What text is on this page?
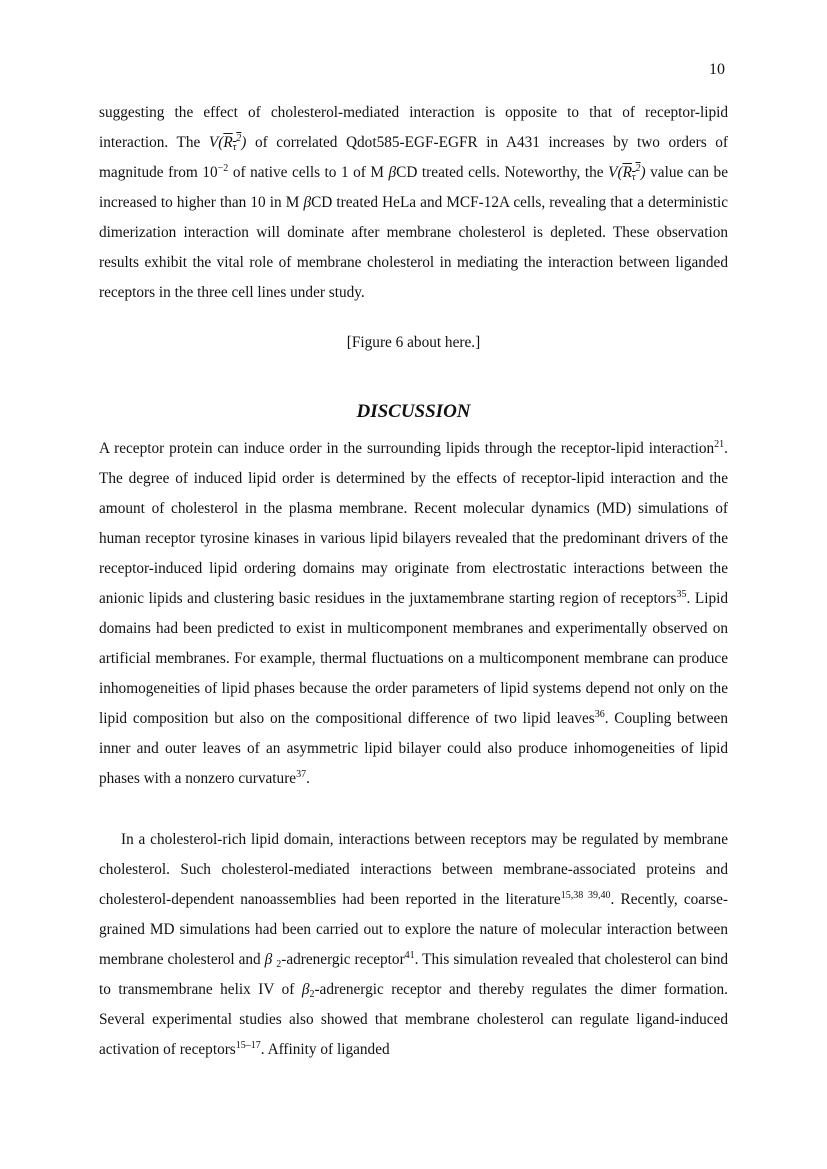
10

suggesting the effect of cholesterol-mediated interaction is opposite to that of receptor-lipid interaction. The $V(R_\tau^2)$ of correlated Qdot585-EGF-EGFR in A431 increases by two orders of magnitude from $10^{-2}$ of native cells to 1 of M βCD treated cells. Noteworthy, the $V(R_\tau^2)$ value can be increased to higher than 10 in M βCD treated HeLa and MCF-12A cells, revealing that a deterministic dimerization interaction will dominate after membrane cholesterol is depleted. These observation results exhibit the vital role of membrane cholesterol in mediating the interaction between liganded receptors in the three cell lines under study.

[Figure 6 about here.]
DISCUSSION

A receptor protein can induce order in the surrounding lipids through the receptor-lipid interaction$^{21}$. The degree of induced lipid order is determined by the effects of receptor-lipid interaction and the amount of cholesterol in the plasma membrane. Recent molecular dynamics (MD) simulations of human receptor tyrosine kinases in various lipid bilayers revealed that the predominant drivers of the receptor-induced lipid ordering domains may originate from electrostatic interactions between the anionic lipids and clustering basic residues in the juxtamembrane starting region of receptors$^{35}$. Lipid domains had been predicted to exist in multicomponent membranes and experimentally observed on artificial membranes. For example, thermal fluctuations on a multicomponent membrane can produce inhomogeneities of lipid phases because the order parameters of lipid systems depend not only on the lipid composition but also on the compositional difference of two lipid leaves$^{36}$. Coupling between inner and outer leaves of an asymmetric lipid bilayer could also produce inhomogeneities of lipid phases with a nonzero curvature$^{37}$.

In a cholesterol-rich lipid domain, interactions between receptors may be regulated by membrane cholesterol. Such cholesterol-mediated interactions between membrane-associated proteins and cholesterol-dependent nanoassemblies had been reported in the literature$^{15,38 39,40}$. Recently, coarse-grained MD simulations had been carried out to explore the nature of molecular interaction between membrane cholesterol and β $_2$-adrenergic receptor$^{41}$. This simulation revealed that cholesterol can bind to transmembrane helix IV of $\beta_2$-adrenergic receptor and thereby regulates the dimer formation. Several experimental studies also showed that membrane cholesterol can regulate ligand-induced activation of receptors$^{15-17}$. Affinity of liganded
